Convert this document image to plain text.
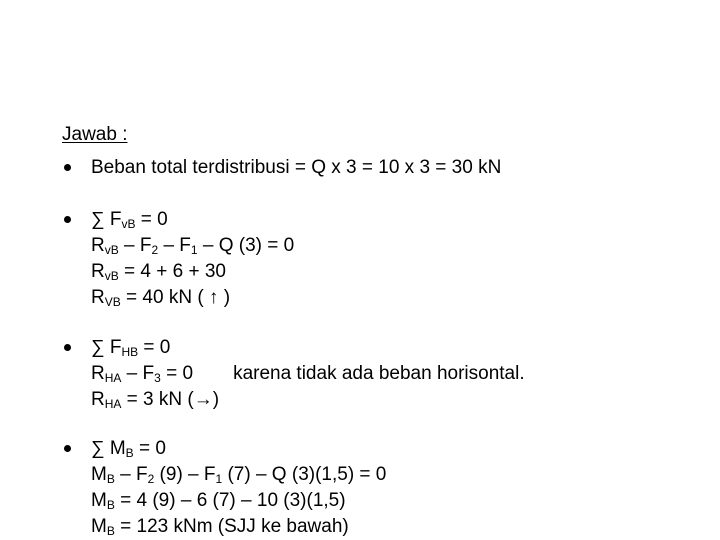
Jawab :
Beban total terdistribusi = Q x 3 = 10 x 3 = 30 kN
∑ $F_{vB} = 0$
$R_{vB} - F_2 - F_1$ – Q (3) = 0
$R_{vB} = 4 + 6 + 30$
$R_{VB} = 40$ kN ( ↑ )
∑ $F_{HB} = 0$
$R_{HA} - F_3 = 0$ karena tidak ada beban horisontal.
$R_{HA} = 3$ kN (→)
∑ $M_B = 0$
$M_B - F_2$ $(9) - F_1$ (7) – Q (3)(1,5) = 0
$M_B = 4$ (9) – 6 (7) – 10 (3)(1,5)
$M_B = 123$ kNm (SJJ ke bawah)
